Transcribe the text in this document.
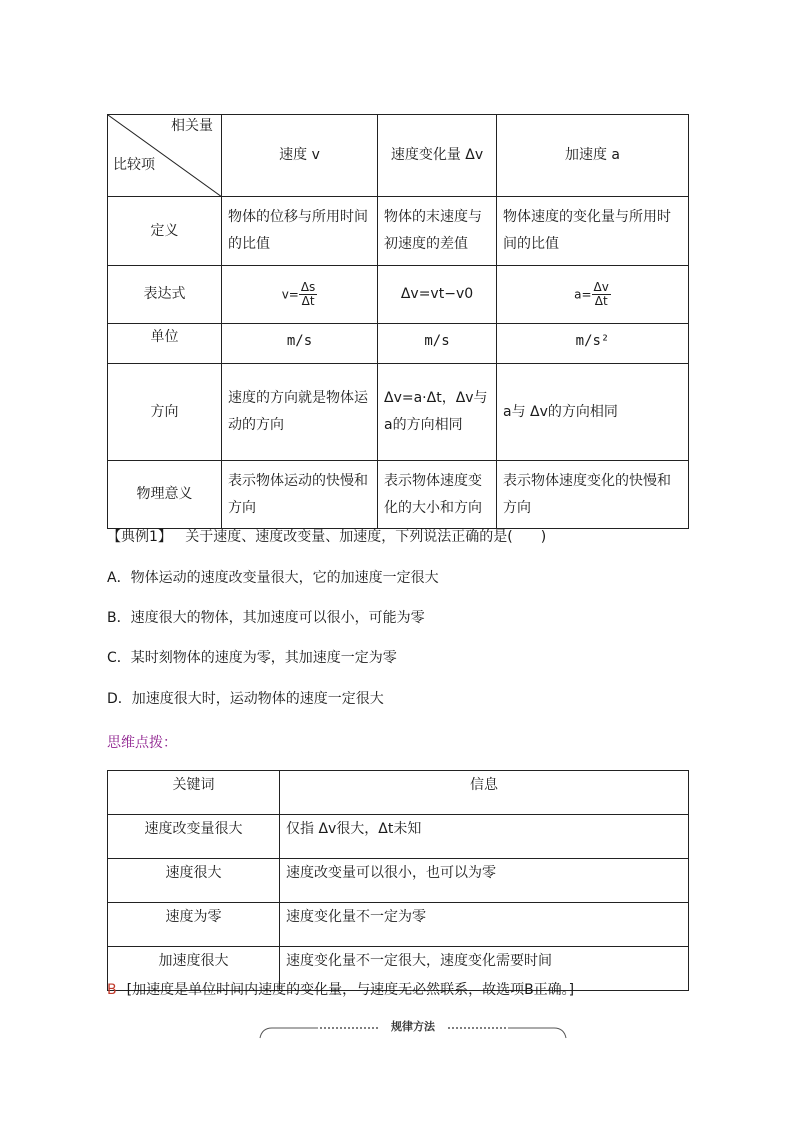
相关量
比较项	速度 v	速度变化量 Δv	加速度 a
定义	物体的位移与所用时间的比值	物体的末速度与初速度的差值	物体速度的变化量与所用时间的比值
表达式	$v= \frac{\Delta s}{\Delta t}$	Δv=vt−v0	$a= \frac{\Delta v}{\Delta t}$

单位	m/s	m/s	m/s²
方向	速度的方向就是物体运动的方向	Δv=a·Δt，Δv与a的方向相同	a与 Δv的方向相同
物理意义	表示物体运动的快慢和方向	表示物体速度变化的大小和方向	表示物体速度变化的快慢和方向
【典例1】 关于速度、速度改变量、加速度，下列说法正确的是(　　)
A．物体运动的速度改变量很大，它的加速度一定很大
B．速度很大的物体，其加速度可以很小，可能为零
C．某时刻物体的速度为零，其加速度一定为零
D．加速度很大时，运动物体的速度一定很大
思维点拨：
关键词	信息
速度改变量很大	仅指 Δv很大，Δt未知
速度很大	速度改变量可以很小，也可以为零
速度为零	速度变化量不一定为零
加速度很大	速度变化量不一定很大，速度变化需要时间
B [加速度是单位时间内速度的变化量，与速度无必然联系，故选项B正确。]
规律方法
